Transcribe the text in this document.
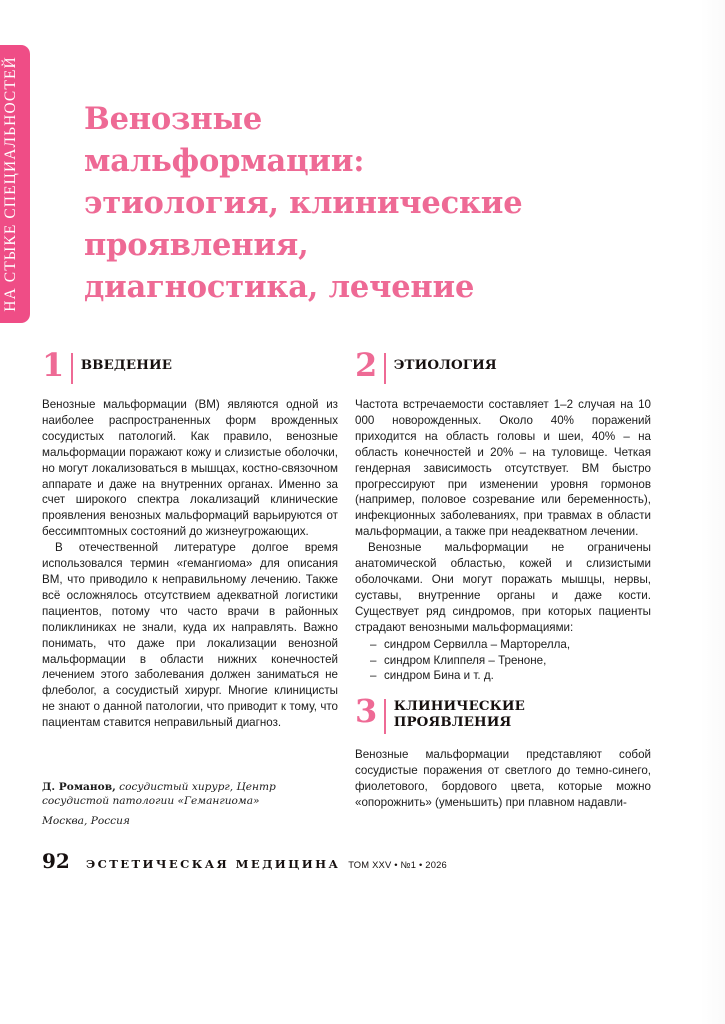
НА СТЫКЕ СПЕЦИАЛЬНОСТЕЙ Венозные
мальформации:
этиология, клинические
проявления,
диагностика, лечение
1	ВВЕДЕНИЕ

Венозные мальформации (ВМ) являются одной из наиболее распространенных форм врожденных сосудистых патологий. Как правило, венозные мальформации поражают кожу и слизистые оболочки, но могут локализоваться в мышцах, костно-связочном аппарате и даже на внутренних органах. Именно за счет широкого спектра локализаций клинические проявления венозных мальформаций варьируются от бессимптомных состояний до жизнеугрожающих.

В отечественной литературе долгое время использовался термин «гемангиома» для описания ВМ, что приводило к неправильному лечению. Также всё осложнялось отсутствием адекватной логистики пациентов, потому что часто врачи в районных поликлиниках не знали, куда их направлять. Важно понимать, что даже при локализации венозной мальформации в области нижних конечностей лечением этого заболевания должен заниматься не флеболог, а сосудистый хирург. Многие клиницисты не знают о данной патологии, что приводит к тому, что пациентам ставится неправильный диагноз.

2	ЭТИОЛОГИЯ

Частота встречаемости составляет 1–2 случая на 10 000 новорожденных. Около 40% поражений приходится на область головы и шеи, 40% – на область конечностей и 20% – на туловище. Четкая гендерная зависимость отсутствует. ВМ быстро прогрессируют при изменении уровня гормонов (например, половое созревание или беременность), инфекционных заболеваниях, при травмах в области мальформации, а также при неадекватном лечении.

Венозные мальформации не ограничены анатомической областью, кожей и слизистыми оболочками. Они могут поражать мышцы, нервы, суставы, внутренние органы и даже кости. Существует ряд синдромов, при которых пациенты страдают венозными мальформациями:

– синдром Сервилла – Марторелла,
– синдром Клиппеля – Треноне,
– синдром Бина и т. д.
3	КЛИНИЧЕСКИЕ
ПРОЯВЛЕНИЯ

Венозные мальформации представляют собой сосудистые поражения от светлого до темно-синего, фиолетового, бордового цвета, которые можно «опорожнить» (уменьшить) при плавном надавли-

Д. Романов, сосудистый хирург, Центр сосудистой патологии «Гемангиома»
Москва, Россия
92	ЭСТЕТИЧЕСКАЯ МЕДИЦИНА ТОМ XXV • №1 • 2026
